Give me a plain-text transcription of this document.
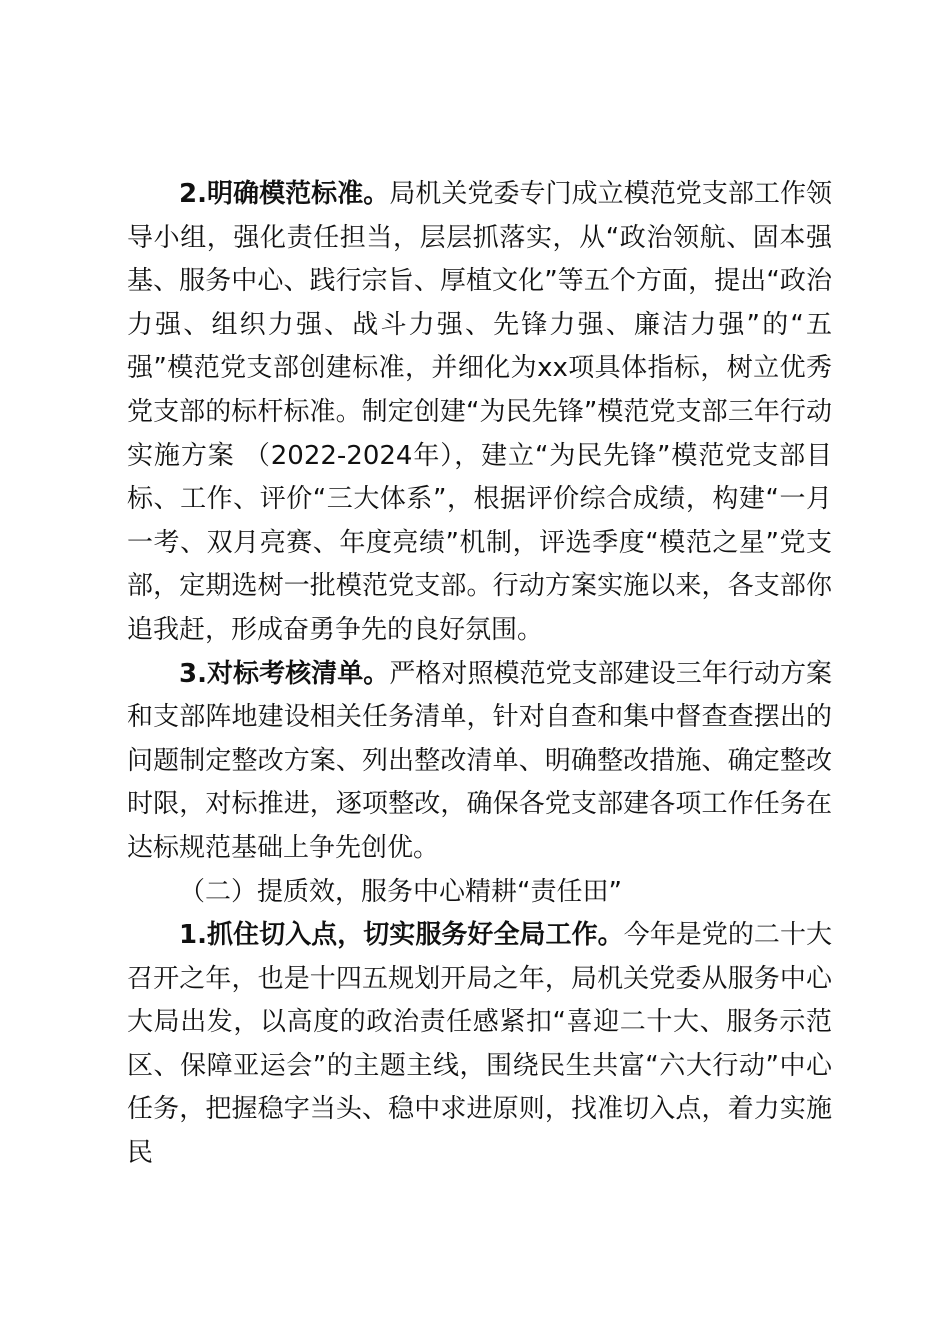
2.明确模范标准。局机关党委专门成立模范党支部工作领导小组，强化责任担当，层层抓落实，从“政治领航、固本强基、服务中心、践行宗旨、厚植文化”等五个方面，提出“政治力强、组织力强、战斗力强、先锋力强、廉洁力强”的“五强”模范党支部创建标准，并细化为xx项具体指标，树立优秀党支部的标杆标准。制定创建“为民先锋”模范党支部三年行动实施方案 （2022-2024年），建立“为民先锋”模范党支部目标、工作、评价“三大体系”，根据评价综合成绩，构建“一月一考、双月亮赛、年度亮绩”机制，评选季度“模范之星”党支部，定期选树一批模范党支部。行动方案实施以来，各支部你追我赶，形成奋勇争先的良好氛围。

3.对标考核清单。严格对照模范党支部建设三年行动方案和支部阵地建设相关任务清单，针对自查和集中督查查摆出的问题制定整改方案、列出整改清单、明确整改措施、确定整改时限，对标推进，逐项整改，确保各党支部建各项工作任务在达标规范基础上争先创优。

（二）提质效，服务中心精耕“责任田”

1.抓住切入点，切实服务好全局工作。今年是党的二十大召开之年，也是十四五规划开局之年，局机关党委从服务中心大局出发，以高度的政治责任感紧扣“喜迎二十大、服务示范区、保障亚运会”的主题主线，围绕民生共富“六大行动”中心任务，把握稳字当头、稳中求进原则，找准切入点，着力实施民
